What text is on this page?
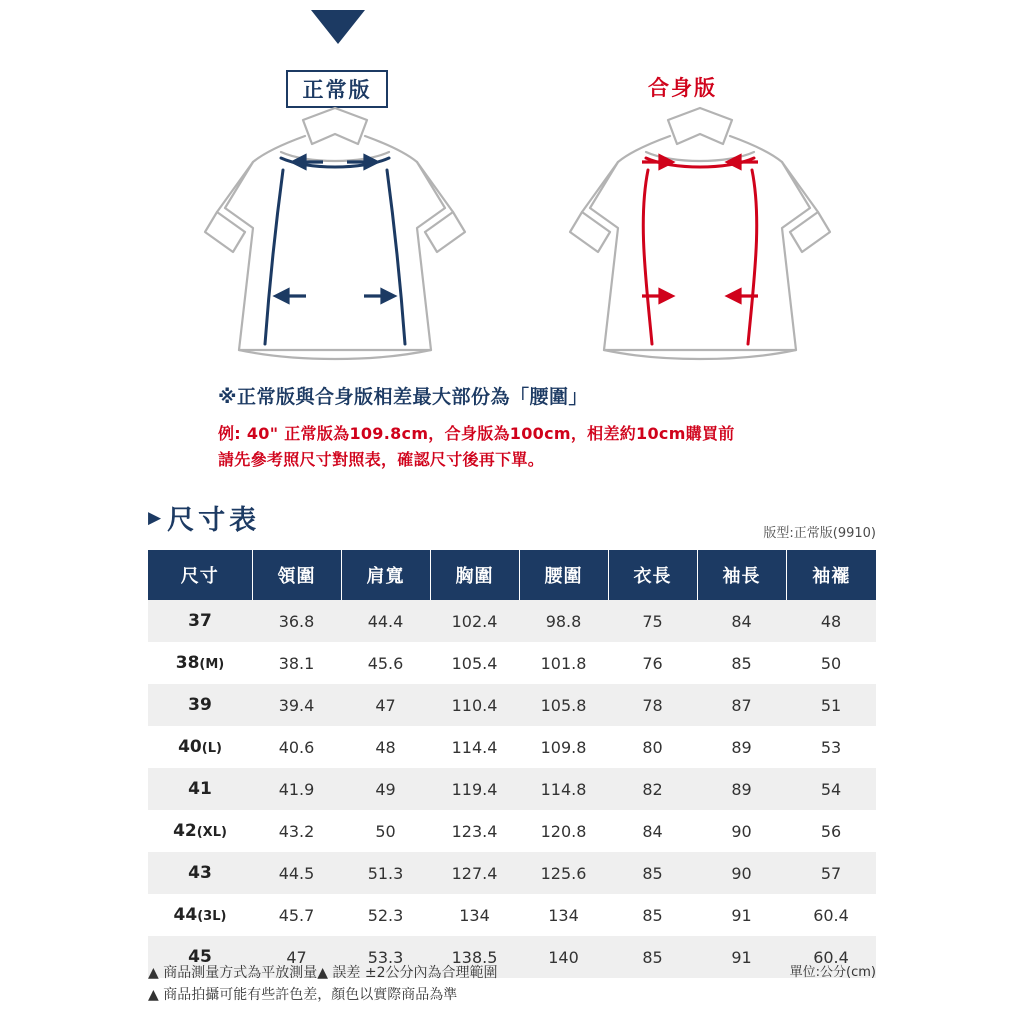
正常版	合身版
※正常版與合身版相差最大部份為「腰圍」
例: 40" 正常版為109.8cm，合身版為100cm，相差約10cm購買前
請先參考照尺寸對照表，確認尺寸後再下單。
▶ 尺寸表	版型:正常版(9910)
尺寸	領圍	肩寬	胸圍	腰圍	衣長	袖長	袖襬
37	36.8	44.4	102.4	98.8	75	84	48
38(M)	38.1	45.6	105.4	101.8	76	85	50
39	39.4	47	110.4	105.8	78	87	51
40(L)	40.6	48	114.4	109.8	80	89	53
41	41.9	49	119.4	114.8	82	89	54
42(XL)	43.2	50	123.4	120.8	84	90	56
43	44.5	51.3	127.4	125.6	85	90	57
44(3L)	45.7	52.3	134	134	85	91	60.4
45	47	53.3	138.5	140	85	91	60.4
▲ 商品測量方式為平放測量▲ 誤差 ±2公分內為合理範圍
▲ 商品拍攝可能有些許色差，顏色以實際商品為準
單位:公分(cm)
